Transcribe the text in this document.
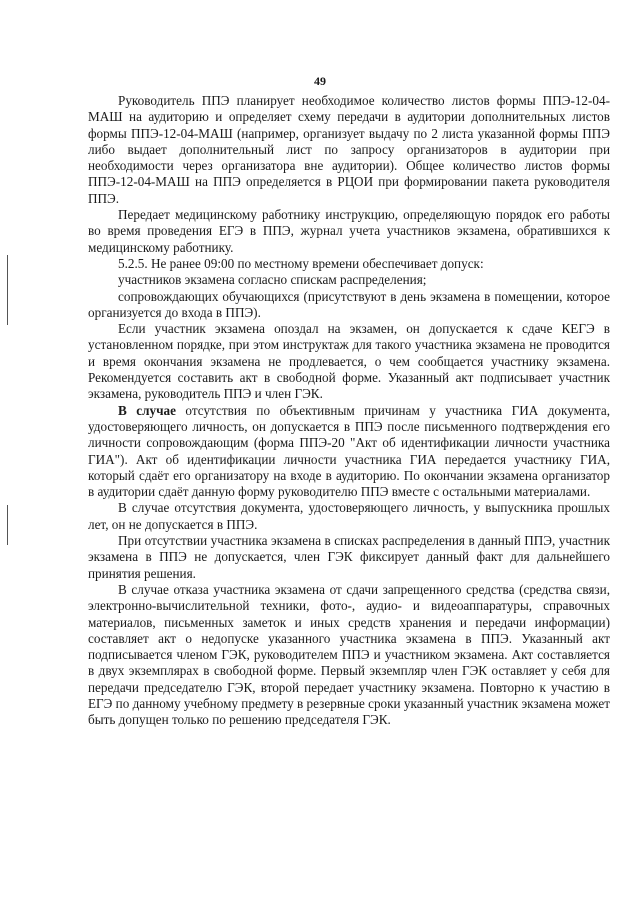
49

Руководитель ППЭ планирует необходимое количество листов формы ППЭ-12-04-МАШ на аудиторию и определяет схему передачи в аудитории дополнительных листов формы ППЭ-12-04-МАШ (например, организует выдачу по 2 листа указанной формы ППЭ либо выдает дополнительный лист по запросу организаторов в аудитории при необходимости через организатора вне аудитории). Общее количество листов формы ППЭ-12-04-МАШ на ППЭ определяется в РЦОИ при формировании пакета руководителя ППЭ.

Передает медицинскому работнику инструкцию, определяющую порядок его работы во время проведения ЕГЭ в ППЭ, журнал учета участников экзамена, обратившихся к медицинскому работнику.

5.2.5. Не ранее 09:00 по местному времени обеспечивает допуск:

участников экзамена согласно спискам распределения;

сопровождающих обучающихся (присутствуют в день экзамена в помещении, которое организуется до входа в ППЭ).

Если участник экзамена опоздал на экзамен, он допускается к сдаче КЕГЭ в установленном порядке, при этом инструктаж для такого участника экзамена не проводится и время окончания экзамена не продлевается, о чем сообщается участнику экзамена. Рекомендуется составить акт в свободной форме. Указанный акт подписывает участник экзамена, руководитель ППЭ и член ГЭК.

В случае отсутствия по объективным причинам у участника ГИА документа, удостоверяющего личность, он допускается в ППЭ после письменного подтверждения его личности сопровождающим (форма ППЭ-20 "Акт об идентификации личности участника ГИА"). Акт об идентификации личности участника ГИА передается участнику ГИА, который сдаёт его организатору на входе в аудиторию. По окончании экзамена организатор в аудитории сдаёт данную форму руководителю ППЭ вместе с остальными материалами.

В случае отсутствия документа, удостоверяющего личность, у выпускника прошлых лет, он не допускается в ППЭ.

При отсутствии участника экзамена в списках распределения в данный ППЭ, участник экзамена в ППЭ не допускается, член ГЭК фиксирует данный факт для дальнейшего принятия решения.

В случае отказа участника экзамена от сдачи запрещенного средства (средства связи, электронно-вычислительной техники, фото-, аудио- и видеоаппаратуры, справочных материалов, письменных заметок и иных средств хранения и передачи информации) составляет акт о недопуске указанного участника экзамена в ППЭ. Указанный акт подписывается членом ГЭК, руководителем ППЭ и участником экзамена. Акт составляется в двух экземплярах в свободной форме. Первый экземпляр член ГЭК оставляет у себя для передачи председателю ГЭК, второй передает участнику экзамена. Повторно к участию в ЕГЭ по данному учебному предмету в резервные сроки указанный участник экзамена может быть допущен только по решению председателя ГЭК.
